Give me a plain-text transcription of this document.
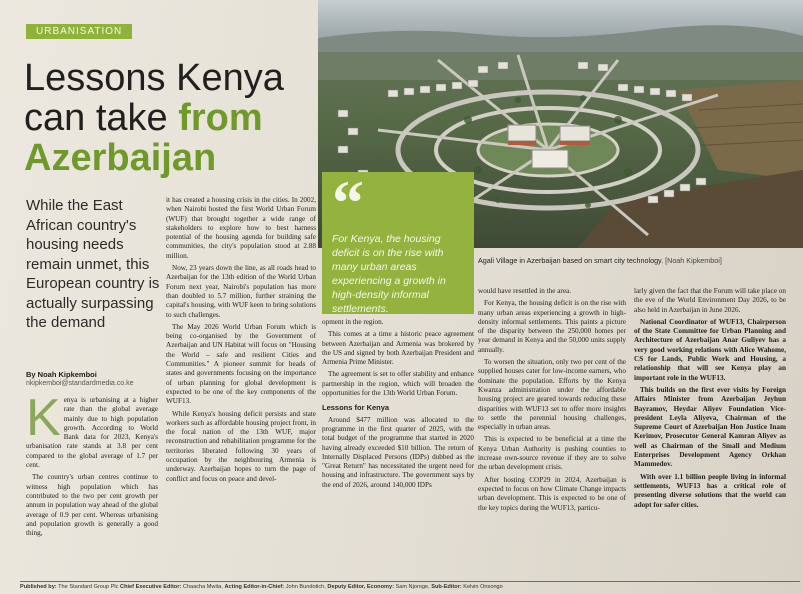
URBANISATION
Lessons Kenya
can take from
Azerbaijan
While the East African country's housing needs remain unmet, this European country is actually surpassing the demand
By Noah Kipkemboi
nkipkemboi@standardmedia.co.ke

Kenya is urbanising at a higher rate than the global average mainly due to high population growth. According to World Bank data for 2023, Kenya's urbanisation rate stands at 3.8 per cent compared to the global average of 1.7 per cent.

The country's urban centres continue to witness high population which has contributed to the two per cent growth per annum in population way ahead of the global average of 0.9 per cent. Whereas urbanising and population growth is generally a good thing,

it has created a housing crisis in the cities. In 2002, when Nairobi hosted the first World Urban Forum (WUF) that brought together a wide range of stakeholders to explore how to best harness potential of the housing agenda for building safe communities, the city's population stood at 2.88 million.

Now, 23 years down the line, as all roads head to Azerbaijan for the 13th edition of the World Urban Forum next year, Nairobi's population has more than doubled to 5.7 million, further straining the capital's housing, with WUF keen to bring solutions to such challenges.

The May 2026 World Urban Forum which is being co-organised by the Government of Azerbaijan and UN Habitat will focus on "Housing the World – safe and resilient Cities and Communities." A pioneer summit for heads of states and governments focusing on the importance of urban planning for global development is expected to be one of the key components of the WUF13.

While Kenya's housing deficit persists and state workers such as affordable housing project front, in the focal nation of the 13th WUF, major reconstruction and rehabilitation programme for the territories liberated following 30 years of occupation by the neighbouring Armenia is underway. Azerbaijan hopes to turn the page of conflict and focus on peace and devel-

“
For Kenya, the housing deficit is on the rise with many urban areas experiencing a growth in high-density informal settlements.
Agali Village in Azerbaijan based on smart city technology. [Noah Kipkemboi]

opment in the region.

This comes at a time a historic peace agreement between Azerbaijan and Armenia was brokered by the US and signed by both Azerbaijan President and Armenia Prime Minister.

The agreement is set to offer stability and enhance partnership in the region, which will broaden the opportunities for the 13th World Urban Forum.

Lessons for Kenya

Around $477 million was allocated to the programme in the first quarter of 2025, with the total budget of the programme that started in 2020 having already exceeded $10 billion. The return of Internally Displaced Persons (IDPs) dubbed as the "Great Return" has necessitated the urgent need for housing and infrastructure. The government says by the end of 2026, around 140,000 IDPs

would have resettled in the area.

For Kenya, the housing deficit is on the rise with many urban areas experiencing a growth in high-density informal settlements. This paints a picture of the disparity between the 250,000 homes per year demand in Kenya and the 50,000 units supply annually.

To worsen the situation, only two per cent of the supplied houses cater for low-income earners, who dominate the population. Efforts by the Kenya Kwanza administration under the affordable housing project are geared towards reducing these disparities with WUF13 set to offer more insights to settle the perennial housing challenges, especially in urban areas.

This is expected to be beneficial at a time the Kenya Urban Authority is pushing counties to increase own-source revenue if they are to solve the urban development crisis.

After hosting COP29 in 2024, Azerbaijan is expected to focus on how Climate Change impacts urban development. This is expected to be one of the key topics during the WUF13, particu-

larly given the fact that the Forum will take place on the eve of the World Environment Day 2026, to be also held in Azerbaijan in June 2026.

National Coordinator of WUF13, Chairperson of the State Committee for Urban Planning and Architecture of Azerbaijan Anar Guliyev has a very good working relations with Alice Wahome, CS for Lands, Public Work and Housing, a relationship that will see Kenya play an important role in the WUF13.

This builds on the first ever visits by Foreign Affairs Minister from Azerbaijan Jeyhun Bayramov, Heydar Aliyev Foundation Vice-president Leyla Aliyeva, Chairman of the Supreme Court of Azerbaijan Hon Justice Inam Kerimov, Prosecutor General Kamran Aliyev as well as Chairman of the Small and Medium Enterprises Development Agency Orkhan Mammedov.

With over 1.1 billion people living in informal settlements, WUF13 has a critical role of presenting diverse solutions that the world can adopt for safer cities.

Published by: The Standard Group Plc Chief Executive Editor: Chaacha Mwita, Acting Editor-in-Chief: John Bundotich, Deputy Editor, Economy: Sam Njoroge, Sub-Editor: Kelvin Onsongo
